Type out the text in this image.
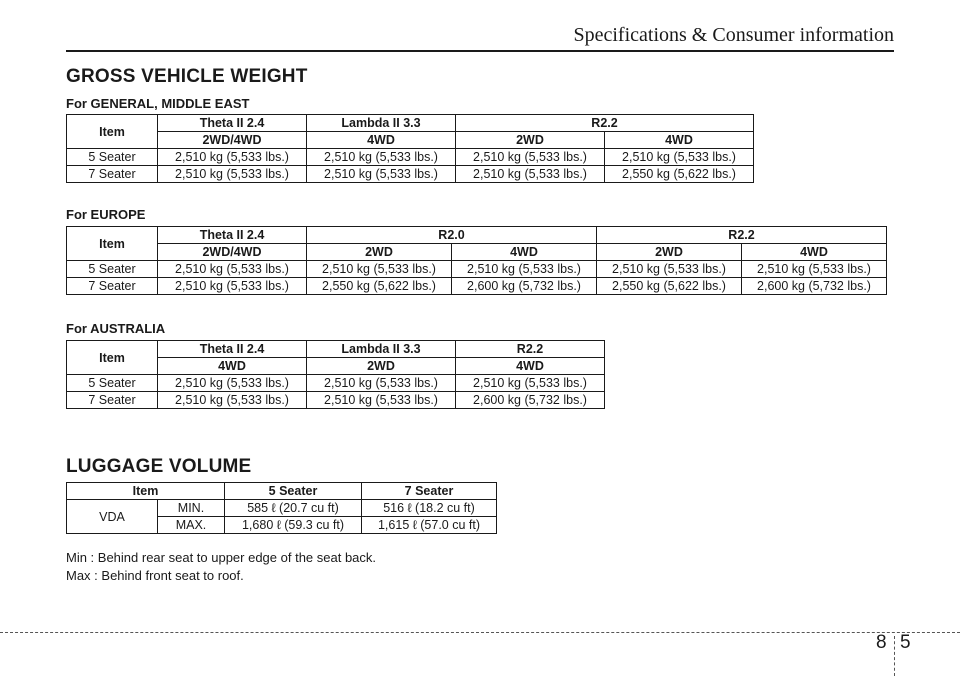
Specifications & Consumer information
GROSS VEHICLE WEIGHT
For GENERAL, MIDDLE EAST
Item	Theta II 2.4	Lambda II 3.3	R2.2	
	2WD/4WD	4WD	2WD	4WD
5 Seater	2,510 kg (5,533 lbs.)	2,510 kg (5,533 lbs.)	2,510 kg (5,533 lbs.)	2,510 kg (5,533 lbs.)
7 Seater	2,510 kg (5,533 lbs.)	2,510 kg (5,533 lbs.)	2,510 kg (5,533 lbs.)	2,550 kg (5,622 lbs.)
For EUROPE
Item	Theta II 2.4	R2.0		R2.2	
	2WD/4WD	2WD	4WD	2WD	4WD
5 Seater	2,510 kg (5,533 lbs.)	2,510 kg (5,533 lbs.)	2,510 kg (5,533 lbs.)	2,510 kg (5,533 lbs.)	2,510 kg (5,533 lbs.)
7 Seater	2,510 kg (5,533 lbs.)	2,550 kg (5,622 lbs.)	2,600 kg (5,732 lbs.)	2,550 kg (5,622 lbs.)	2,600 kg (5,732 lbs.)
For AUSTRALIA
Item	Theta II 2.4	Lambda II 3.3	R2.2
	4WD	2WD	4WD
5 Seater	2,510 kg (5,533 lbs.)	2,510 kg (5,533 lbs.)	2,510 kg (5,533 lbs.)
7 Seater	2,510 kg (5,533 lbs.)	2,510 kg (5,533 lbs.)	2,600 kg (5,732 lbs.)
LUGGAGE VOLUME
Item		5 Seater	7 Seater
VDA	MIN.	585 ℓ (20.7 cu ft)	516 ℓ (18.2 cu ft)
	MAX.	1,680 ℓ (59.3 cu ft)	1,615 ℓ (57.0 cu ft)
Min : Behind rear seat to upper edge of the seat back.
Max : Behind front seat to roof.
8 5
